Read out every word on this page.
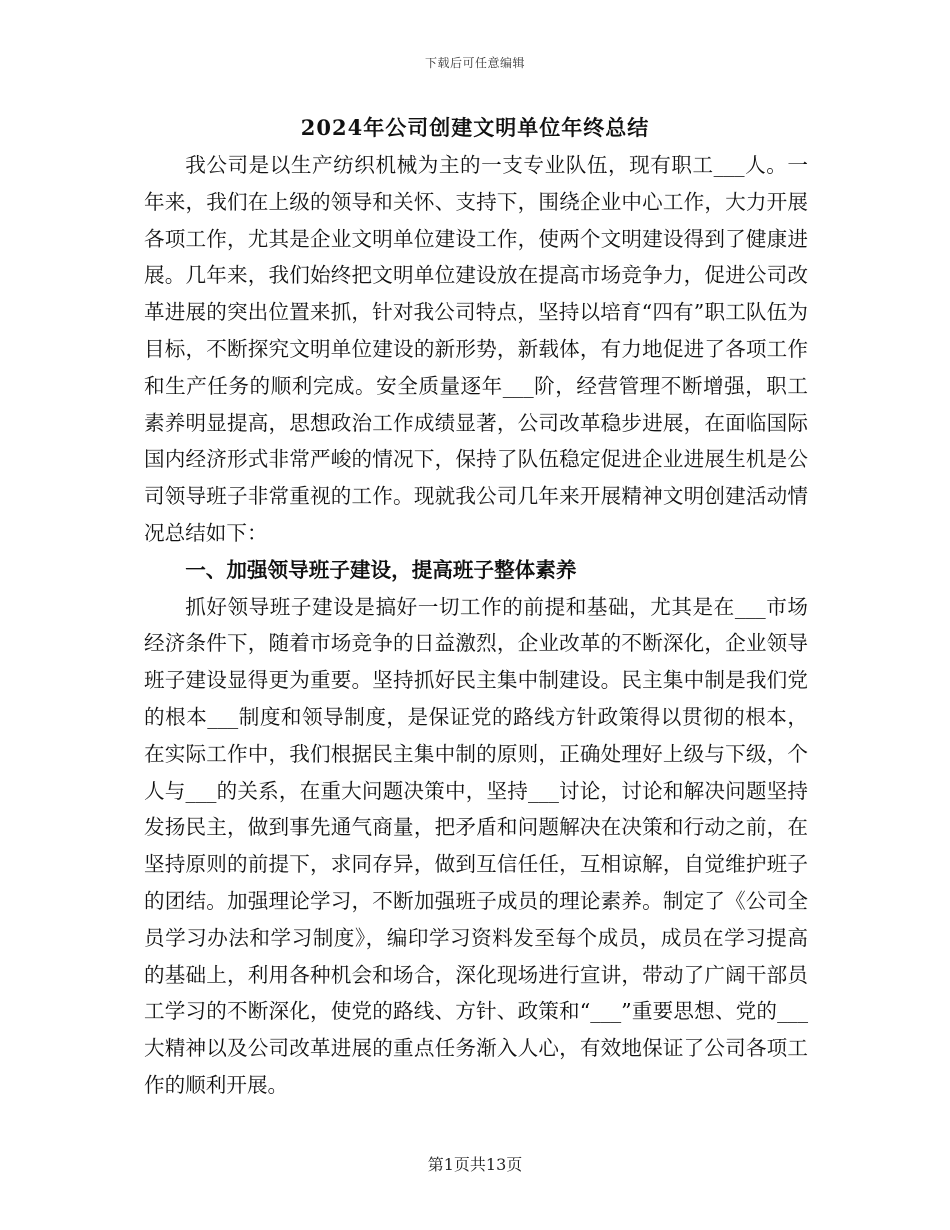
下载后可任意编辑
2024年公司创建文明单位年终总结

我公司是以生产纺织机械为主的一支专业队伍，现有职工___人。一年来，我们在上级的领导和关怀、支持下，围绕企业中心工作，大力开展各项工作，尤其是企业文明单位建设工作，使两个文明建设得到了健康进展。几年来，我们始终把文明单位建设放在提高市场竞争力，促进公司改革进展的突出位置来抓，针对我公司特点，坚持以培育“四有”职工队伍为目标，不断探究文明单位建设的新形势，新载体，有力地促进了各项工作和生产任务的顺利完成。安全质量逐年___阶，经营管理不断增强，职工素养明显提高，思想政治工作成绩显著，公司改革稳步进展，在面临国际国内经济形式非常严峻的情况下，保持了队伍稳定促进企业进展生机是公司领导班子非常重视的工作。现就我公司几年来开展精神文明创建活动情况总结如下：

一、加强领导班子建设，提高班子整体素养

抓好领导班子建设是搞好一切工作的前提和基础，尤其是在___市场经济条件下，随着市场竞争的日益激烈，企业改革的不断深化，企业领导班子建设显得更为重要。坚持抓好民主集中制建设。民主集中制是我们党的根本___制度和领导制度，是保证党的路线方针政策得以贯彻的根本，在实际工作中，我们根据民主集中制的原则，正确处理好上级与下级，个人与___的关系，在重大问题决策中，坚持___讨论，讨论和解决问题坚持发扬民主，做到事先通气商量，把矛盾和问题解决在决策和行动之前，在坚持原则的前提下，求同存异，做到互信任任，互相谅解，自觉维护班子的团结。加强理论学习，不断加强班子成员的理论素养。制定了《公司全员学习办法和学习制度》，编印学习资料发至每个成员，成员在学习提高的基础上，利用各种机会和场合，深化现场进行宣讲，带动了广阔干部员工学习的不断深化，使党的路线、方针、政策和“___”重要思想、党的___大精神以及公司改革进展的重点任务渐入人心，有效地保证了公司各项工作的顺利开展。

第1页共13页
